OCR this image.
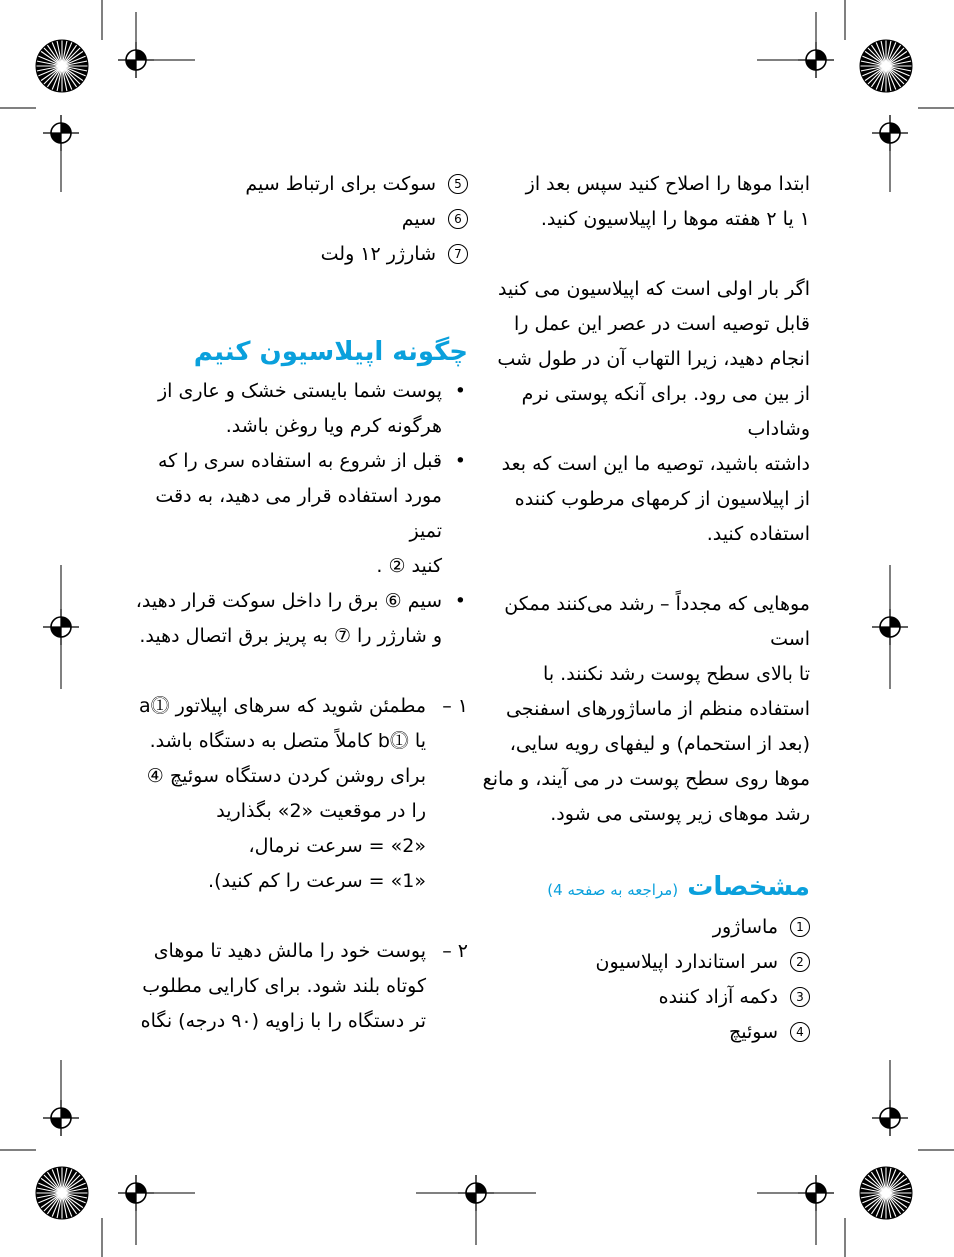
ابتدا موها را اصلاح کنید سپس بعد از

۱ یا ۲ هفته موها را اپیلاسیون کنید.

اگر بار اولی است که اپیلاسیون می کنید

قابل توصیه است در عصر این عمل را

انجام دهید، زیرا التهاب آن در طول شب

از بین می رود. برای آنکه پوستی نرم وشاداب

داشته باشید، توصیه ما این است که بعد

از اپیلاسیون از کرمهای مرطوب کننده

استفاده کنید.

موهایی که مجدداً – رشد می‌کنند ممکن است

تا بالای سطح پوست رشد نکنند. با

استفاده منظم از ماساژورهای اسفنجی

(بعد از استحمام) و لیفهای رویه سایی،

موها روی سطح پوست در می آیند، و مانع

رشد موهای زیر پوستی می شود.

مشخصات (مراجعه به صفحه 4)
1
ماساژور
2
سر استاندارد اپیلاسیون
3
دکمه آزاد کننده
4
سوئیچ
5
سوکت برای ارتباط سیم
6
سیم
7
شارژر ۱۲ ولت
چگونه اپیلاسیون کنیم
•

پوست شما بایستی خشک و عاری از

هرگونه کرم ویا روغن باشد.

•

قبل از شروع به استفاده سری را که

مورد استفاده قرار می دهید، به دقت تمیز

کنید ② .

•

سیم ⑥ برق را داخل سوکت قرار دهید،

و شارژر را ⑦ به پریز برق اتصال دهید.

۱ –

مطمئن شوید که سرهای اپیلاتور ⓵a

یا ⓵b کاملاً متصل به دستگاه باشد.

برای روشن کردن دستگاه سوئیچ ④

را در موقعیت «2» بگذارید

«2» = سرعت نرمال،

«1» = سرعت را کم کنید).

۲ –

پوست خود را مالش دهید تا موهای

کوتاه بلند شود. برای کارایی مطلوب

تر دستگاه را با زاویه (۹۰ درجه) نگاه
